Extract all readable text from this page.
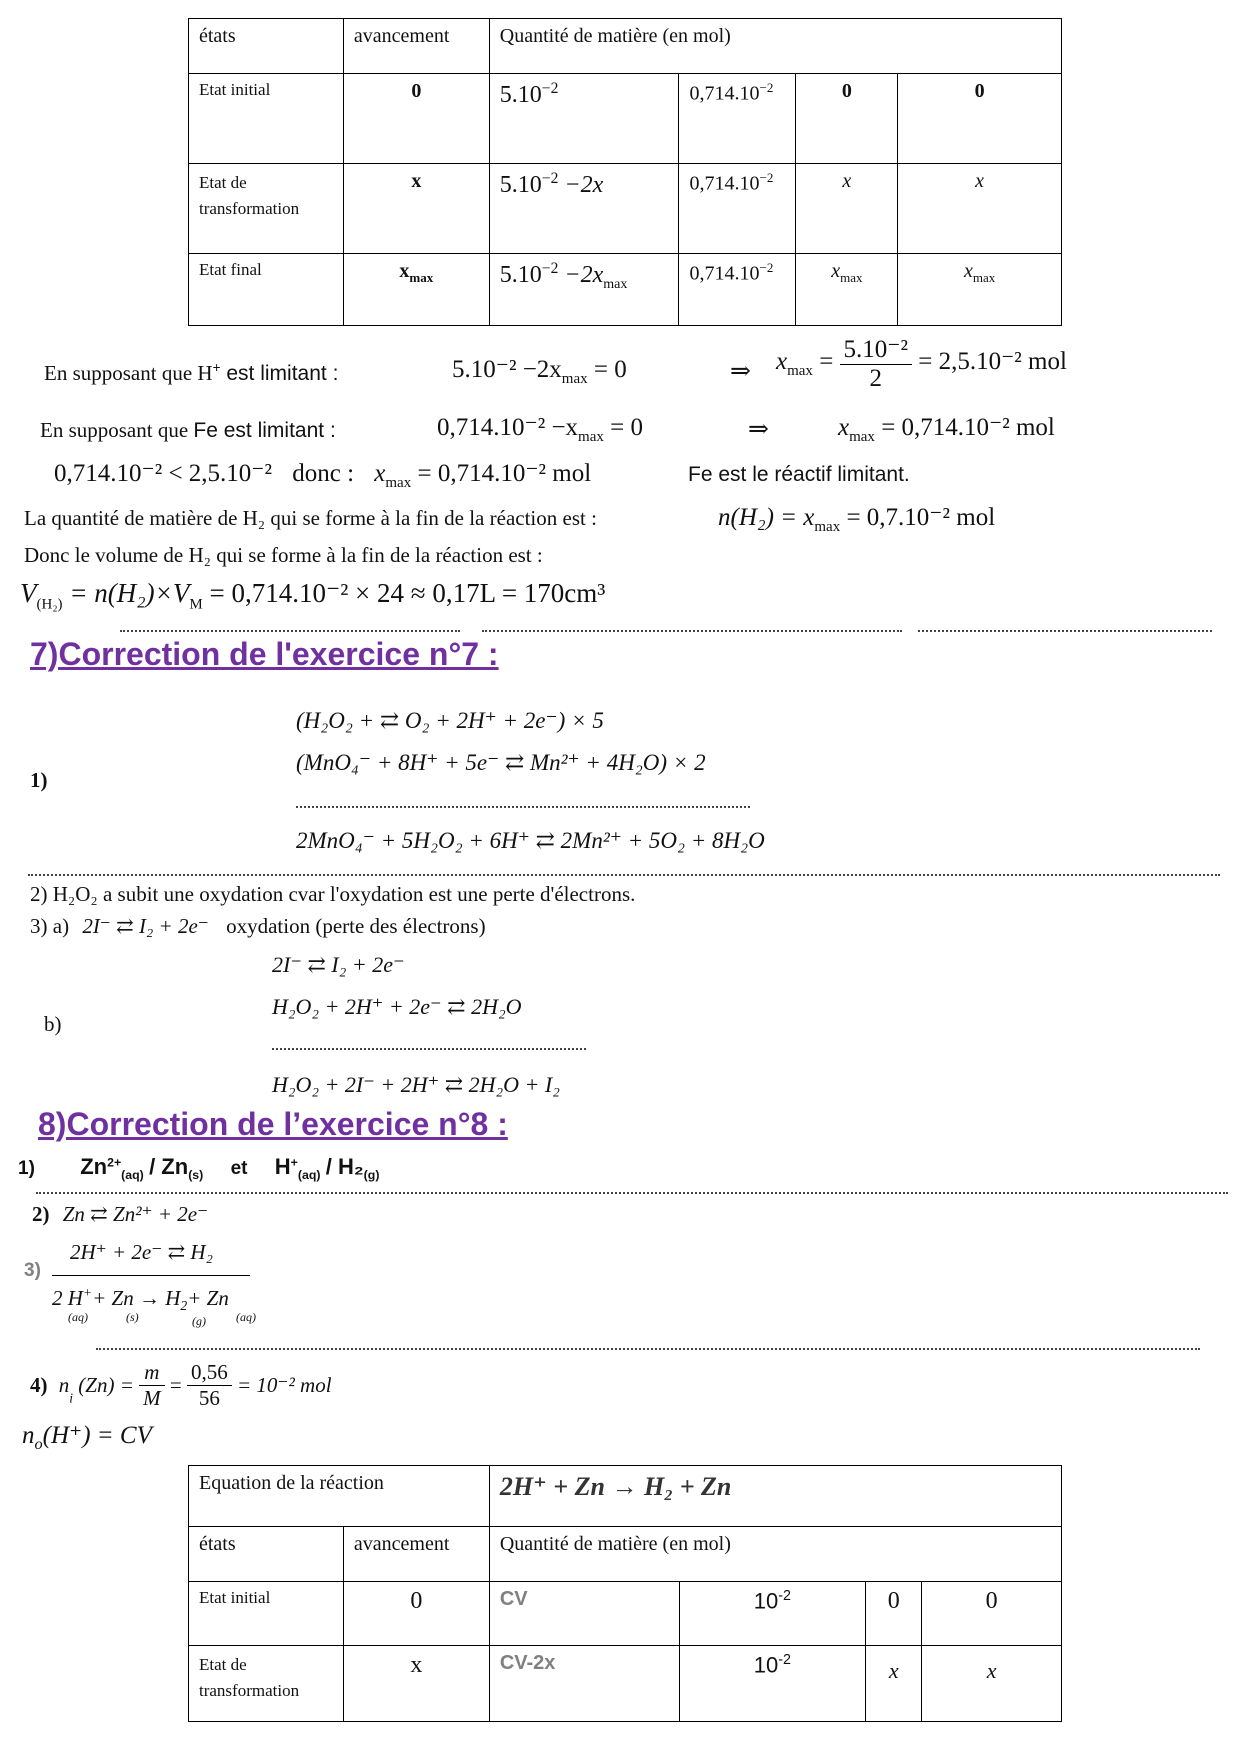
états	avancement	Quantité de matière (en mol)			
Etat initial	0	$5.10^{-2}$	$0,714.10^{-2}$	0	0
Etat de transformation	x	$5.10^{-2} -2x$	$0,714.10^{-2}$	x	x
Etat final	$x_{max}$	$5.10^{-2} -2x_{max}$	$0,714.10^{-2}$	$x_{max}$	$x_{max}$
En supposant que H+ est limitant :	$5.10^{-2} -2x_{max} = 0$	⇒ $x_{max} = \frac{\text{5.10⁻²}}{2} = 2,5.10^{-2}$ mol
En supposant que Fe est limitant :	$0,714.10^{-2} -x_{max} = 0$	⇒	$x_{max} = 0,714.10^{-2}$ mol
0,714.10⁻² < 2,5.10⁻² donc : $x_{max} = 0,714.10^{-2}$ mol	Fe est le réactif limitant.
La quantité de matière de H₂ qui se forme à la fin de la réaction est :	$n(H_2) = x_{max} = 0,7.10^{-2}$ mol
Donc le volume de H₂ qui se forme à la fin de la réaction est :
$V_{(H_2)} = n(H_2)\times V_M = 0,714.10^{-2} \times 24 \approx 0,17L = 170cm^3$
7)Correction de l'exercice n°7 :
1)
(H₂O₂ + ⇄ O₂ + 2H⁺ + 2e⁻) × 5
(MnO₄⁻ + 8H⁺ + 5e⁻ ⇄ Mn²⁺ + 4H₂O) × 2
2MnO₄⁻ + 5H₂O₂ + 6H⁺ ⇄ 2Mn²⁺ + 5O₂ + 8H₂O
2) H₂O₂ a subit une oxydation cvar l'oxydation est une perte d'électrons.
3) a) 2I⁻ ⇄ I₂ + 2e⁻ oxydation (perte des électrons)
2I⁻ ⇄ I₂ + 2e⁻
b)
H₂O₂ + 2H⁺ + 2e⁻ ⇄ 2H₂O
H₂O₂ + 2I⁻ + 2H⁺ ⇄ 2H₂O + I₂
8)Correction de l’exercice n°8 :
1) $Zn^{2+}_{(aq)} / Zn_{(s)}$ et $H^+_{(aq)} / H_2_{(g)}$
2) Zn ⇄ Zn²⁺ + 2e⁻
3)
2H⁺ + 2e⁻ ⇄ H₂
2 $H^++ Zn \to H_2+ Zn$
(aq)	(s)	(g)	(aq)
4) $n_i$ $(Zn) = \frac{m}{M} = \frac{0,56}{56} = 10^{-2}$ mol
$n_o(H^+)$ = CV
Equation de la réaction		2H⁺ + Zn → H₂ + Zn			
états	avancement	Quantité de matière (en mol)			
Etat initial	0	CV	$10^{-2}$	0	0
Etat de transformation	x	CV-2x	$10^{-2}$	x	x
